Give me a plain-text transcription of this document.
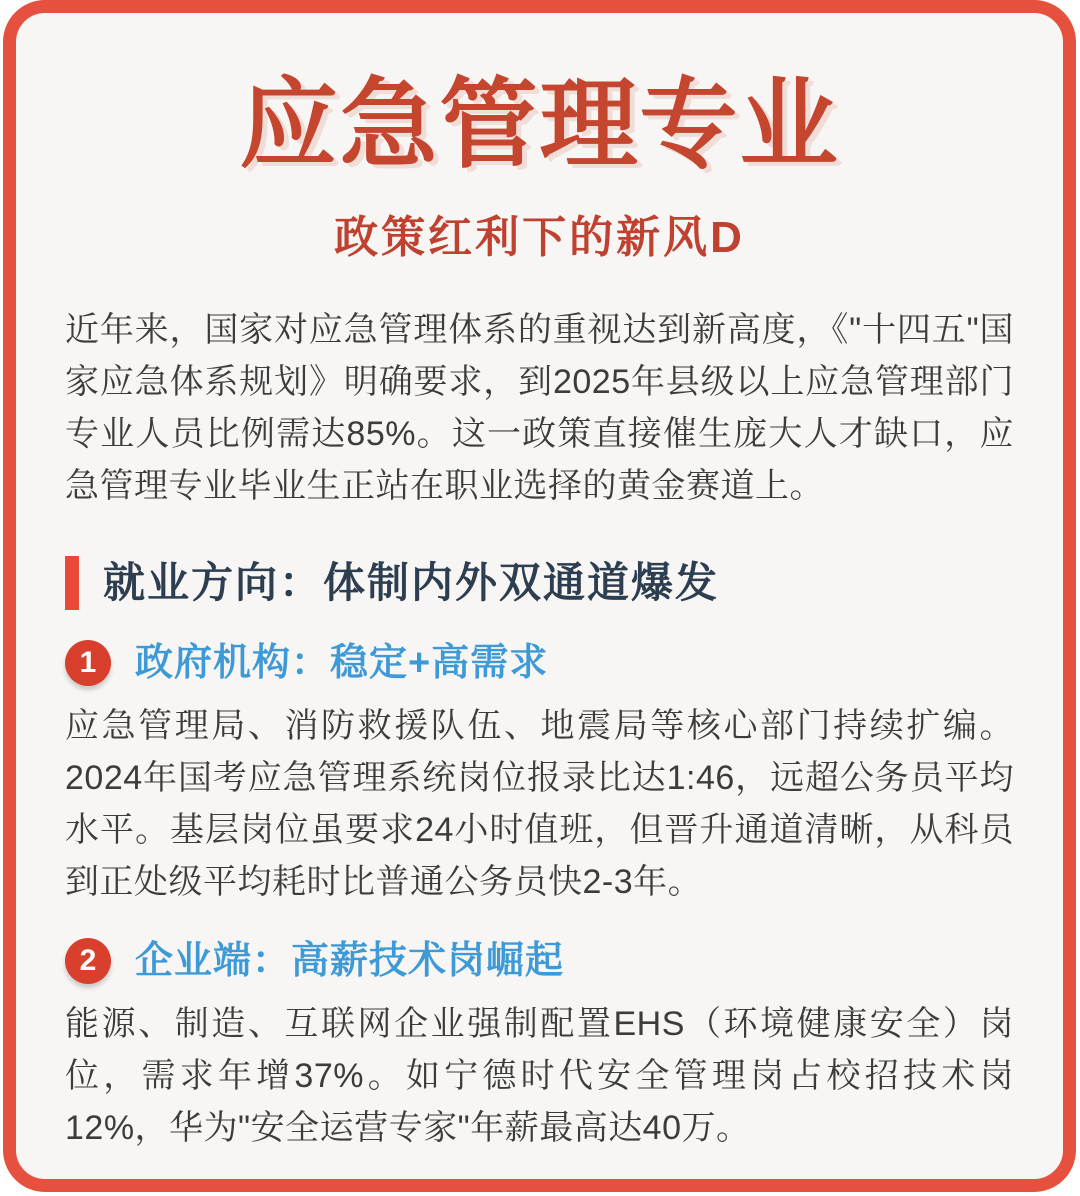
应急管理专业
政策红利下的新风D
近年来，国家对应急管理体系的重视达到新高度，《"十四五"国家应急体系规划》明确要求，到2025年县级以上应急管理部门专业人员比例需达85%。这一政策直接催生庞大人才缺口，应急管理专业毕业生正站在职业选择的黄金赛道上。
就业方向：体制内外双通道爆发
1	政府机构：稳定+高需求
应急管理局、消防救援队伍、地震局等核心部门持续扩编。2024年国考应急管理系统岗位报录比达1:46，远超公务员平均水平。基层岗位虽要求24小时值班，但晋升通道清晰，从科员到正处级平均耗时比普通公务员快2-3年。
2	企业端：高薪技术岗崛起
能源、制造、互联网企业强制配置EHS（环境健康安全）岗位，需求年增37%。如宁德时代安全管理岗占校招技术岗12%，华为"安全运营专家"年薪最高达40万。
